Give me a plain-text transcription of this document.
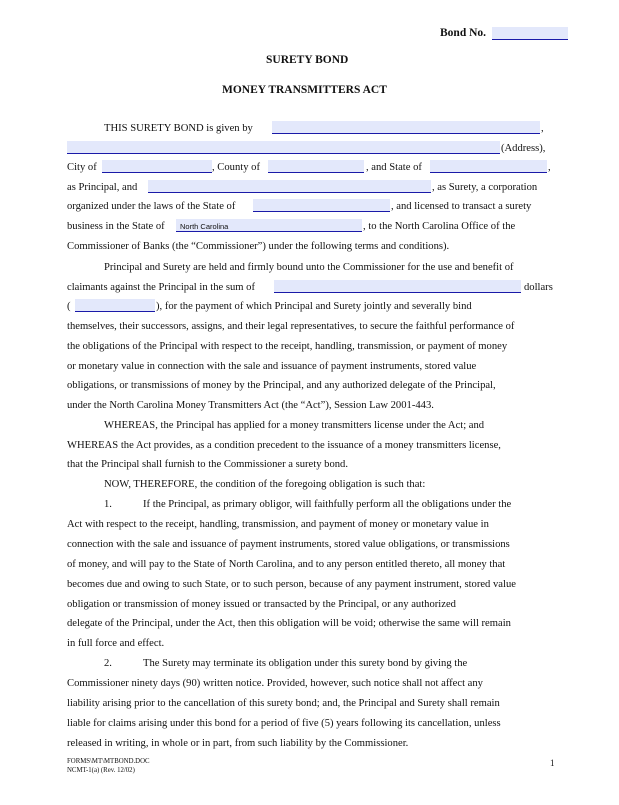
Bond No.
SURETY BOND
MONEY TRANSMITTERS ACT
THIS SURETY BOND is given by	,
(Address),
City of	, County of	, and State of	,
as Principal, and	, as Surety, a corporation
organized under the laws of the State of	, and licensed to transact a surety
business in the State of North Carolina	, to the North Carolina Office of the
Commissioner of Banks (the “Commissioner”) under the following terms and conditions).
Principal and Surety are held and firmly bound unto the Commissioner for the use and benefit of
claimants against the Principal in the sum of	dollars
(	), for the payment of which Principal and Surety jointly and severally bind
themselves, their successors, assigns, and their legal representatives, to secure the faithful performance of
the obligations of the Principal with respect to the receipt, handling, transmission, or payment of money
or monetary value in connection with the sale and issuance of payment instruments, stored value
obligations, or transmissions of money by the Principal, and any authorized delegate of the Principal,
under the North Carolina Money Transmitters Act (the “Act”), Session Law 2001-443.
WHEREAS, the Principal has applied for a money transmitters license under the Act; and
WHEREAS the Act provides, as a condition precedent to the issuance of a money transmitters license,
that the Principal shall furnish to the Commissioner a surety bond.
NOW, THEREFORE, the condition of the foregoing obligation is such that:
1.	If the Principal, as primary obligor, will faithfully perform all the obligations under the
Act with respect to the receipt, handling, transmission, and payment of money or monetary value in
connection with the sale and issuance of payment instruments, stored value obligations, or transmissions
of money, and will pay to the State of North Carolina, and to any person entitled thereto, all money that
becomes due and owing to such State, or to such person, because of any payment instrument, stored value
obligation or transmission of money issued or transacted by the Principal, or any authorized
delegate of the Principal, under the Act, then this obligation will be void; otherwise the same will remain
in full force and effect.
2.	The Surety may terminate its obligation under this surety bond by giving the
Commissioner ninety days (90) written notice. Provided, however, such notice shall not affect any
liability arising prior to the cancellation of this surety bond; and, the Principal and Surety shall remain
liable for claims arising under this bond for a period of five (5) years following its cancellation, unless
released in writing, in whole or in part, from such liability by the Commissioner.
FORMS\MT\MTBOND.DOC
NCMT-1(a) (Rev. 12/02)
1
